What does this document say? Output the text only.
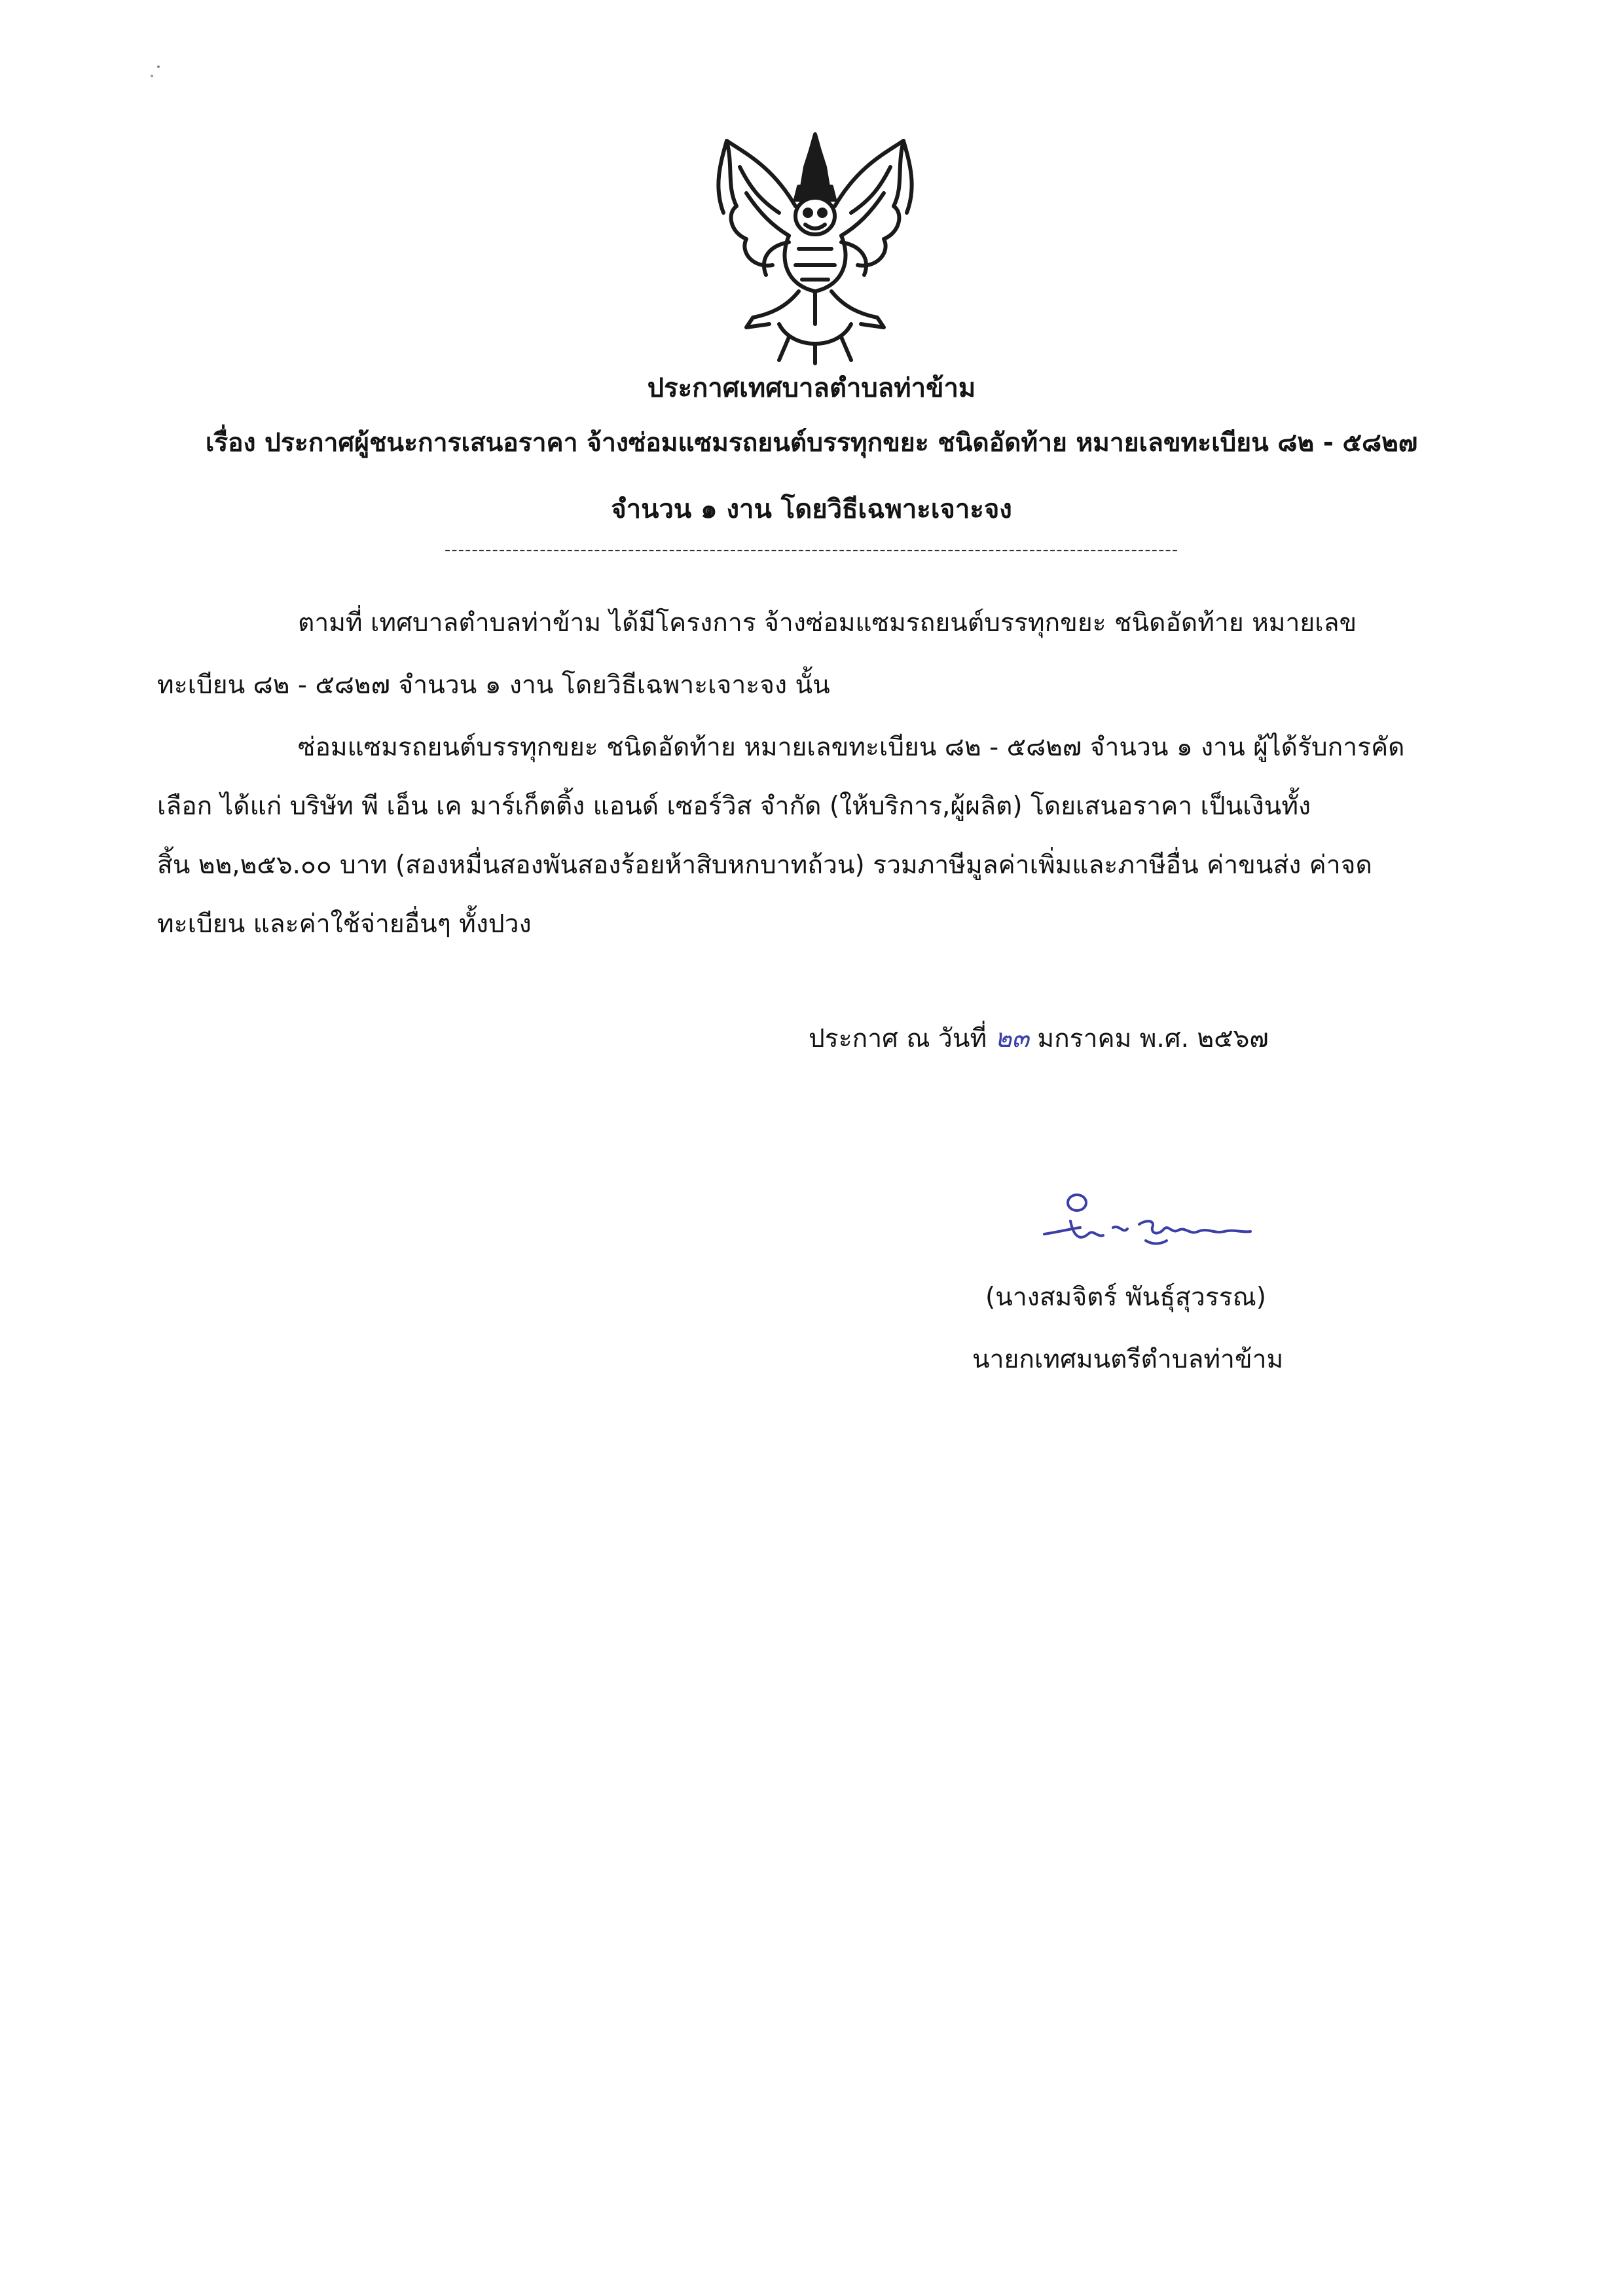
ประกาศเทศบาลตำบลท่าข้าม
เรื่อง ประกาศผู้ชนะการเสนอราคา จ้างซ่อมแซมรถยนต์บรรทุกขยะ ชนิดอัดท้าย หมายเลขทะเบียน ๘๒ - ๕๘๒๗
จำนวน ๑ งาน โดยวิธีเฉพาะเจาะจง
------------------------------------------------------------------------------------------------------------
ตามที่ เทศบาลตำบลท่าข้าม ได้มีโครงการ จ้างซ่อมแซมรถยนต์บรรทุกขยะ ชนิดอัดท้าย หมายเลข
ทะเบียน ๘๒ - ๕๘๒๗ จำนวน ๑ งาน โดยวิธีเฉพาะเจาะจง นั้น
ซ่อมแซมรถยนต์บรรทุกขยะ ชนิดอัดท้าย หมายเลขทะเบียน ๘๒ - ๕๘๒๗ จำนวน ๑ งาน ผู้ได้รับการคัด
เลือก ได้แก่ บริษัท พี เอ็น เค มาร์เก็ตติ้ง แอนด์ เซอร์วิส จำกัด (ให้บริการ,ผู้ผลิต) โดยเสนอราคา เป็นเงินทั้ง
สิ้น ๒๒,๒๕๖.๐๐ บาท (สองหมื่นสองพันสองร้อยห้าสิบหกบาทถ้วน) รวมภาษีมูลค่าเพิ่มและภาษีอื่น ค่าขนส่ง ค่าจด
ทะเบียน และค่าใช้จ่ายอื่นๆ ทั้งปวง
ประกาศ ณ วันที่ ๒๓ มกราคม พ.ศ. ๒๕๖๗
(นางสมจิตร์ พันธุ์สุวรรณ)
นายกเทศมนตรีตำบลท่าข้าม
